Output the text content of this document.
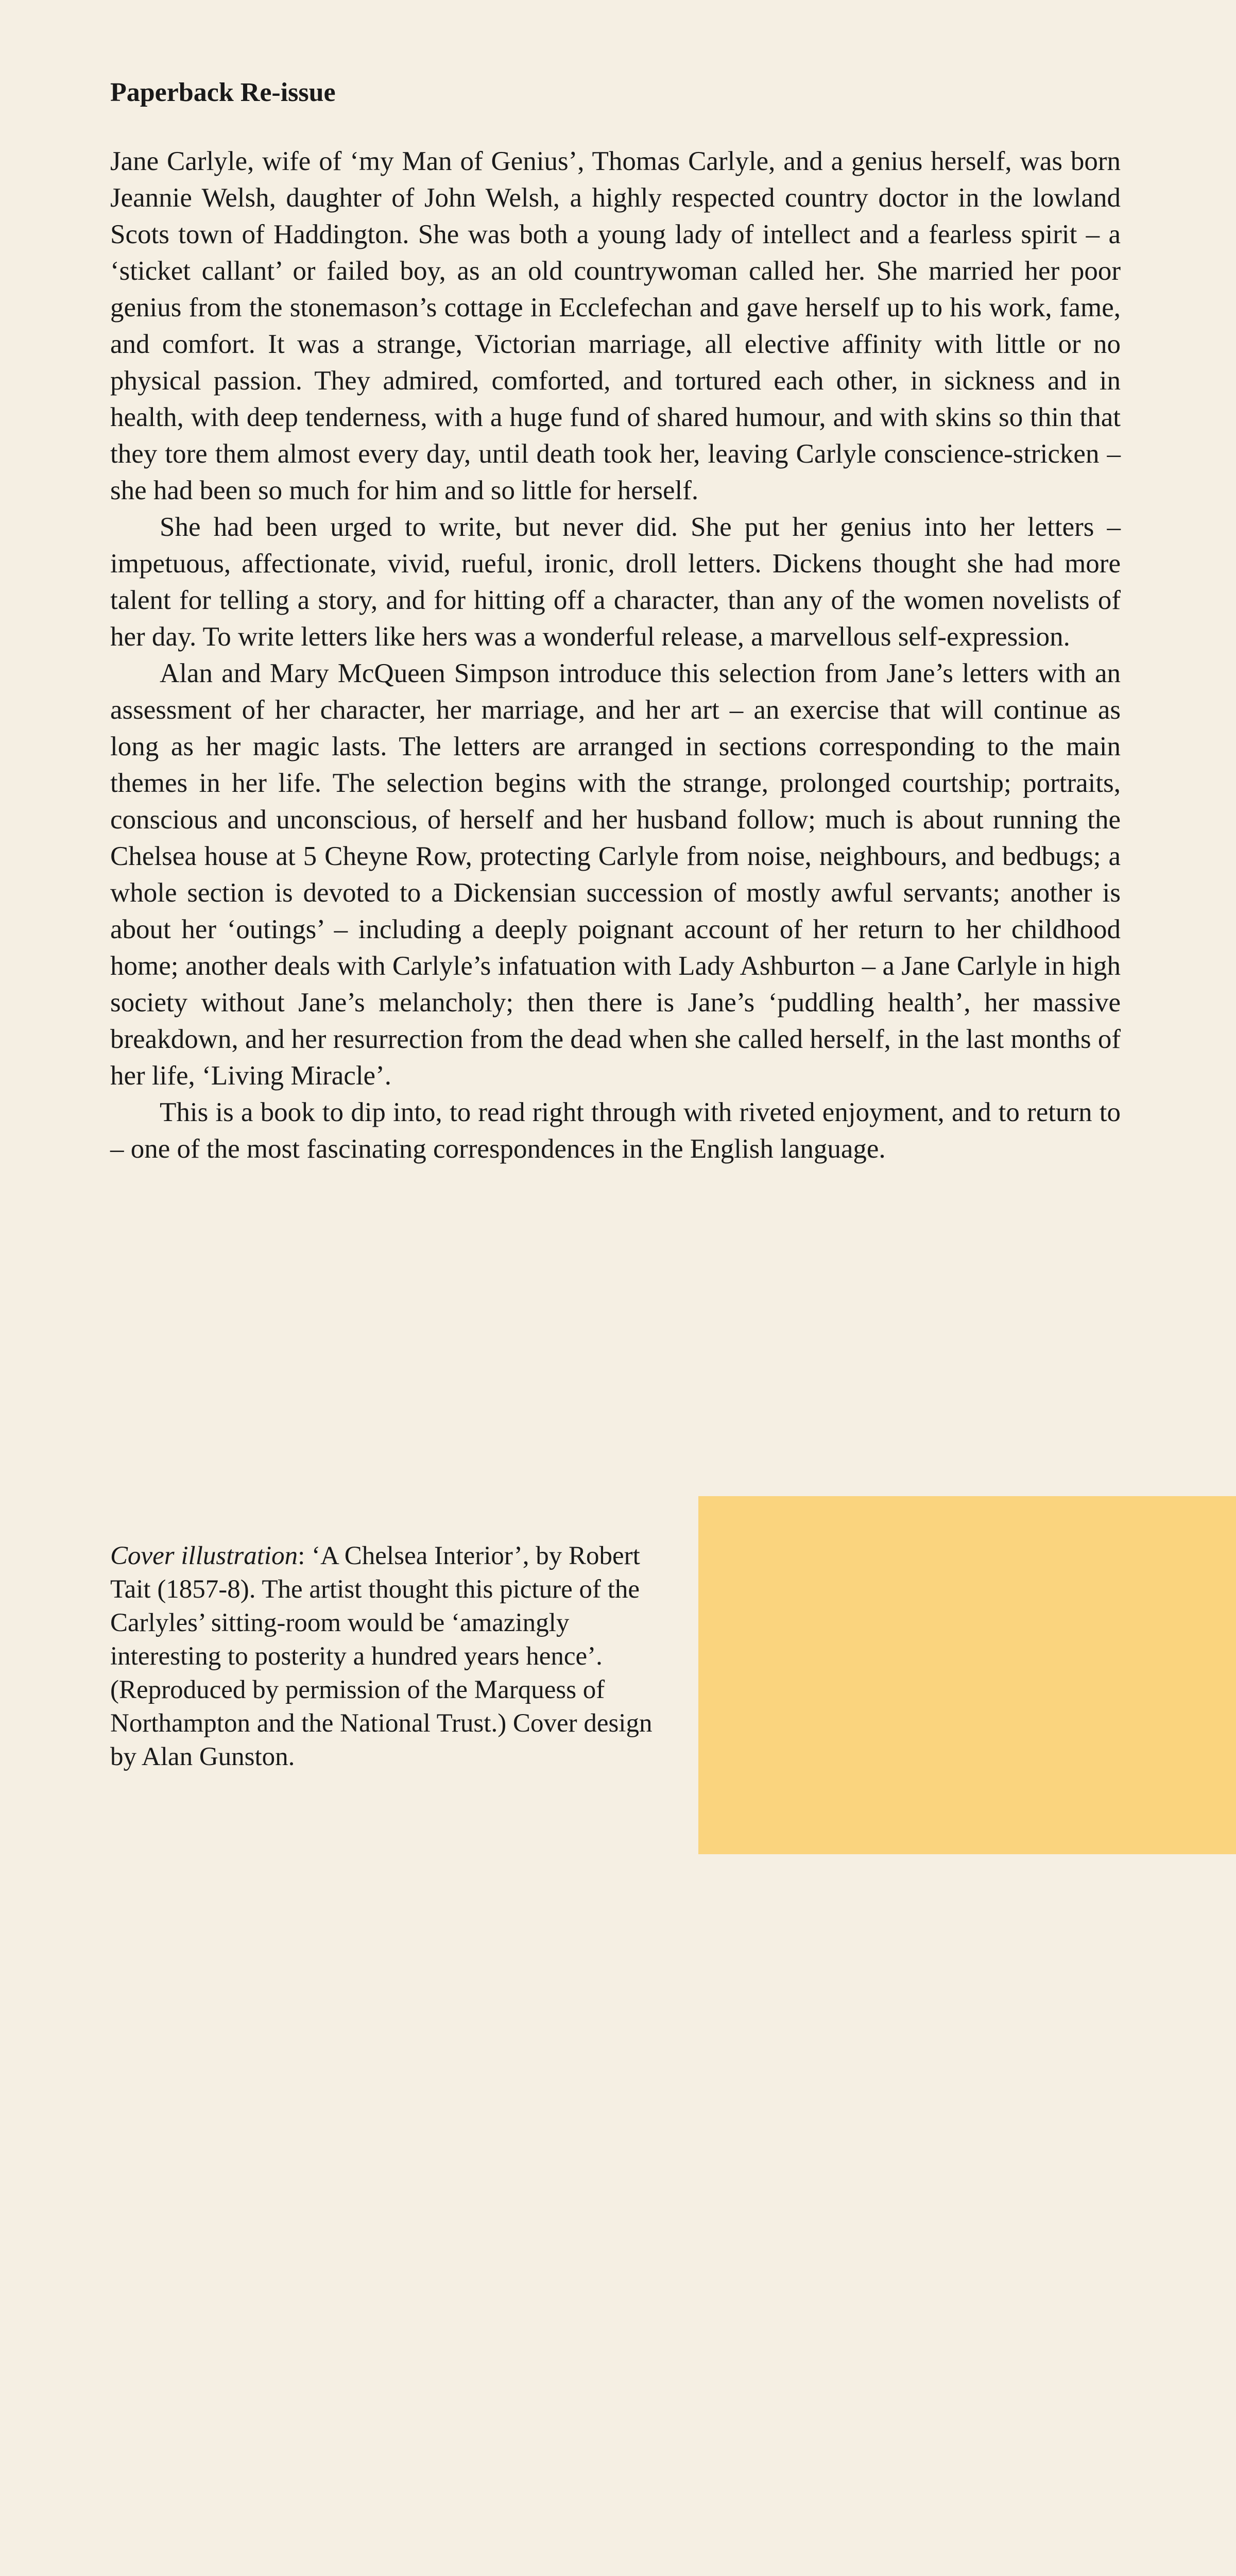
Paperback Re-issue

Jane Carlyle, wife of ‘my Man of Genius’, Thomas Carlyle, and a genius herself, was born Jeannie Welsh, daughter of John Welsh, a highly respected country doctor in the lowland Scots town of Haddington. She was both a young lady of intellect and a fearless spirit – a ‘sticket callant’ or failed boy, as an old countrywoman called her. She married her poor genius from the stonemason’s cottage in Ecclefechan and gave herself up to his work, fame, and comfort. It was a strange, Victorian marriage, all elective affinity with little or no physical passion. They admired, comforted, and tortured each other, in sickness and in health, with deep tenderness, with a huge fund of shared humour, and with skins so thin that they tore them almost every day, until death took her, leaving Carlyle conscience-stricken – she had been so much for him and so little for herself.

She had been urged to write, but never did. She put her genius into her letters – impetuous, affectionate, vivid, rueful, ironic, droll letters. Dickens thought she had more talent for telling a story, and for hitting off a character, than any of the women novelists of her day. To write letters like hers was a wonderful release, a marvellous self-expression.

Alan and Mary McQueen Simpson introduce this selection from Jane’s letters with an assessment of her character, her marriage, and her art – an exercise that will continue as long as her magic lasts. The letters are arranged in sections corresponding to the main themes in her life. The selection begins with the strange, prolonged courtship; portraits, conscious and unconscious, of herself and her husband follow; much is about running the Chelsea house at 5 Cheyne Row, protecting Carlyle from noise, neighbours, and bedbugs; a whole section is devoted to a Dickensian succession of mostly awful servants; another is about her ‘outings’ – including a deeply poignant account of her return to her childhood home; another deals with Carlyle’s infatuation with Lady Ashburton – a Jane Carlyle in high society without Jane’s melancholy; then there is Jane’s ‘puddling health’, her massive breakdown, and her resurrection from the dead when she called herself, in the last months of her life, ‘Living Miracle’.

This is a book to dip into, to read right through with riveted enjoyment, and to return to – one of the most fascinating correspondences in the English language.

Cover illustration: ‘A Chelsea Interior’, by Robert Tait (1857-8). The artist thought this picture of the Carlyles’ sitting-room would be ‘amazingly interesting to posterity a hundred years hence’. (Reproduced by permission of the Marquess of Northampton and the National Trust.) Cover design by Alan Gunston.
